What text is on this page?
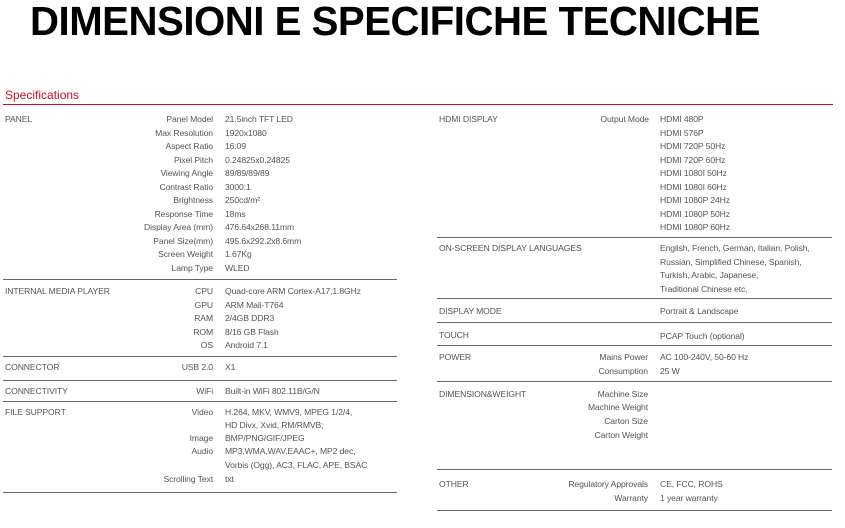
DIMENSIONI E SPECIFICHE TECNICHE
Specifications
PANEL	Panel Model 21.5inch TFT LED
Max Resolution 1920x1080
Aspect Ratio 16:09
Pixel Pitch 0.24825x0.24825
Viewing Angle 89/89/89/89
Contrast Ratio 3000:1
Brightness 250cd/m²
Response Time 18ms
Display Area (mm) 476.64x268.11mm
Panel Size(mm) 495.6x292.2x8.6mm
Screen Weight 1.67Kg
Lamp Type WLED
INTERNAL MEDIA PLAYER	CPU Quad-core ARM Cortex-A17,1.8GHz
GPU ARM Mali-T764
RAM 2/4GB DDR3
ROM 8/16 GB Flash
OS Android 7.1
CONNECTOR	USB 2.0 X1
CONNECTIVITY	WiFi Built-in WiFi 802.11B/G/N
FILE SUPPORT	Video H.264, MKV, WMV9, MPEG 1/2/4,
HD Divx, Xvid, RM/RMVB;
Image BMP/PNG/GIF/JPEG
Audio MP3,WMA,WAV,EAAC+, MP2 dec,
Vorbis (Ogg), AC3, FLAC, APE, BSAC
Scrolling Text txt
HDMI DISPLAY	Output Mode HDMI 480P
HDMI 576P
HDMI 720P 50Hz
HDMI 720P 60Hz
HDMI 1080I 50Hz
HDMI 1080I 60Hz
HDMI 1080P 24Hz
HDMI 1080P 50Hz
HDMI 1080P 60Hz
ON-SCREEN DISPLAY LANGUAGES	English, French, German, Italian, Polish,
Russian, Simplified Chinese, Spanish,
Turkish, Arabic, Japanese,
Traditional Chinese etc.
DISPLAY MODE	Portrait & Landscape
TOUCH	PCAP Touch (optional)
POWER	Mains Power AC 100-240V, 50-60 Hz
Consumption 25 W
DIMENSION&WEIGHT	Machine Size
Machine Weight
Carton Size
Carton Weight
OTHER	Regulatory Approvals CE, FCC, ROHS
Warranty 1 year warranty
